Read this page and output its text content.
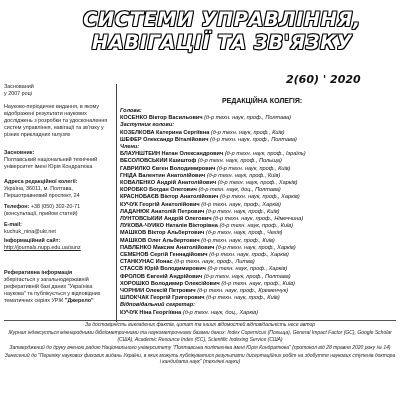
СИСТЕМИ УПРАВЛІННЯ,
НАВІГАЦІЇ ТА ЗВ'ЯЗКУ
2(60) ' 2020

Заснований

у 2007 році

Науково-періодичне видання, в якому відображені результати наукових досліджень з розробки та удосконалення систем управління, навігації та зв'язку у різних прикладних галузях

Засновник:

Полтавський національний технічний університет імені Юрія Кондратюка

Адреса редакційної колегії:

Україна, 36011, м. Полтава, Першотравневий проспект, 24

Телефон: +38 (050) 302-20-71 (консультації, прийом статей)

E-mail:

kuchuk_nina@ukr.net

Інформаційний сайт:

http://journals.nupp.edu.ua/sunz

Реферативна інформація

зберігається у загальнодержавній реферативній базі даних "Україніка наукова" та публікується у відповідних тематичних серіях УРЖ "Джерело"

РЕДАКЦІЙНА КОЛЕГІЯ:
Голова:
КОСЕНКО Віктор Васильович (д-р техн. наук, проф., Полтава)
Заступник голови:
КОЗЕЛКОВА Катерина Сергіївна (д-р техн. наук, проф., Київ)
ШЕФЕР Олександр Віталійович (д-р техн. наук, проф., Полтава)
Члени:
БЛАУНШТЕЙН Натан Олександрович (д-р техн. наук, проф., Ізраїль)
ВЕСОЛОВСЬКИЙ Кшиштоф (д-р техн. наук, проф., Польща)
ГАВРИЛКО Євген Володимирович (д-р техн. наук, проф., Київ)
ГНІДА Валентин Анатолійович (д-р техн. наук, проф., Київ)
КОВАЛЕНКО Андрій Анатолійович (д-р техн. наук, проф., Харків)
КОРОБКО Богдан Олегович (д-р техн. наук, доц., Полтава)
КРАСНОБАЄВ Віктор Анатолійович (д-р техн. наук, проф., Харків)
КУЧУК Георгій Анатолійович (д-р техн. наук, проф., Харків)
ЛАДАНЮК Анатолій Петрович (д-р техн. наук, проф., Київ)
ЛУНТОВСЬКИЙ Андрій Олегович (д-р техн. наук, проф., Німеччина)
ЛУКОВА-ЧУЙКО Наталія Вікторівна (д-р техн. наук, проф., Київ)
МАШКОВ Віктор Альбертович (д-р техн. наук, проф., Чехія)
МАШКОВ Олег Альбертович (д-р техн. наук, проф., Київ)
ПАВЛЕНКО Максим Анатолійович (д-р техн. наук, проф., Харків)
СЕМЕНОВ Сергій Геннадійович (д-р техн. наук, проф., Харків)
СТАНКУНАС Йонас (д-р техн. наук, проф., Литва)
СТАССВ Юрій Володимирович (д-р техн. наук, проф., Харків)
ФРОЛОВ Євгеній Андрійович (д-р техн. наук, проф., Полтава)
ХОРОШКО Володимир Олексійович (д-р техн. наук, проф., Київ)
ЧОРНИЙ Олексій Петрович (д-р техн. наук, проф., Кременчук)
ШЛОКЧАК Георгій Григорович (д-р техн. наук, проф., Київ)
Відповідальний секретар:
КУЧУК Ніна Георгіївна (д-р техн. наук, доц., Харків)

За достовірність викладених фактів, цитат та інших відомостей відповідальність несе автор

Журнал індексується міжнародними бібліометричними та наукометричними базами даних: Index Copernicus (Польща), General Impact Factor (GC), Google Scholar (США), Academic Resource Index (ЄС), Scientific Indexing Service (США)

Затверджений до друку вченою радою Національного університету "Полтавська політехніка імені Юрія Кондратюка" (протокол від 28 травня 2020 року № 14)

Занесений до "Переліку наукових фахових видань України, в яких можуть публікуватися результати дисертаційних робіт на здобуття наукових ступенів доктора і кандидата наук" (технічні науки)
